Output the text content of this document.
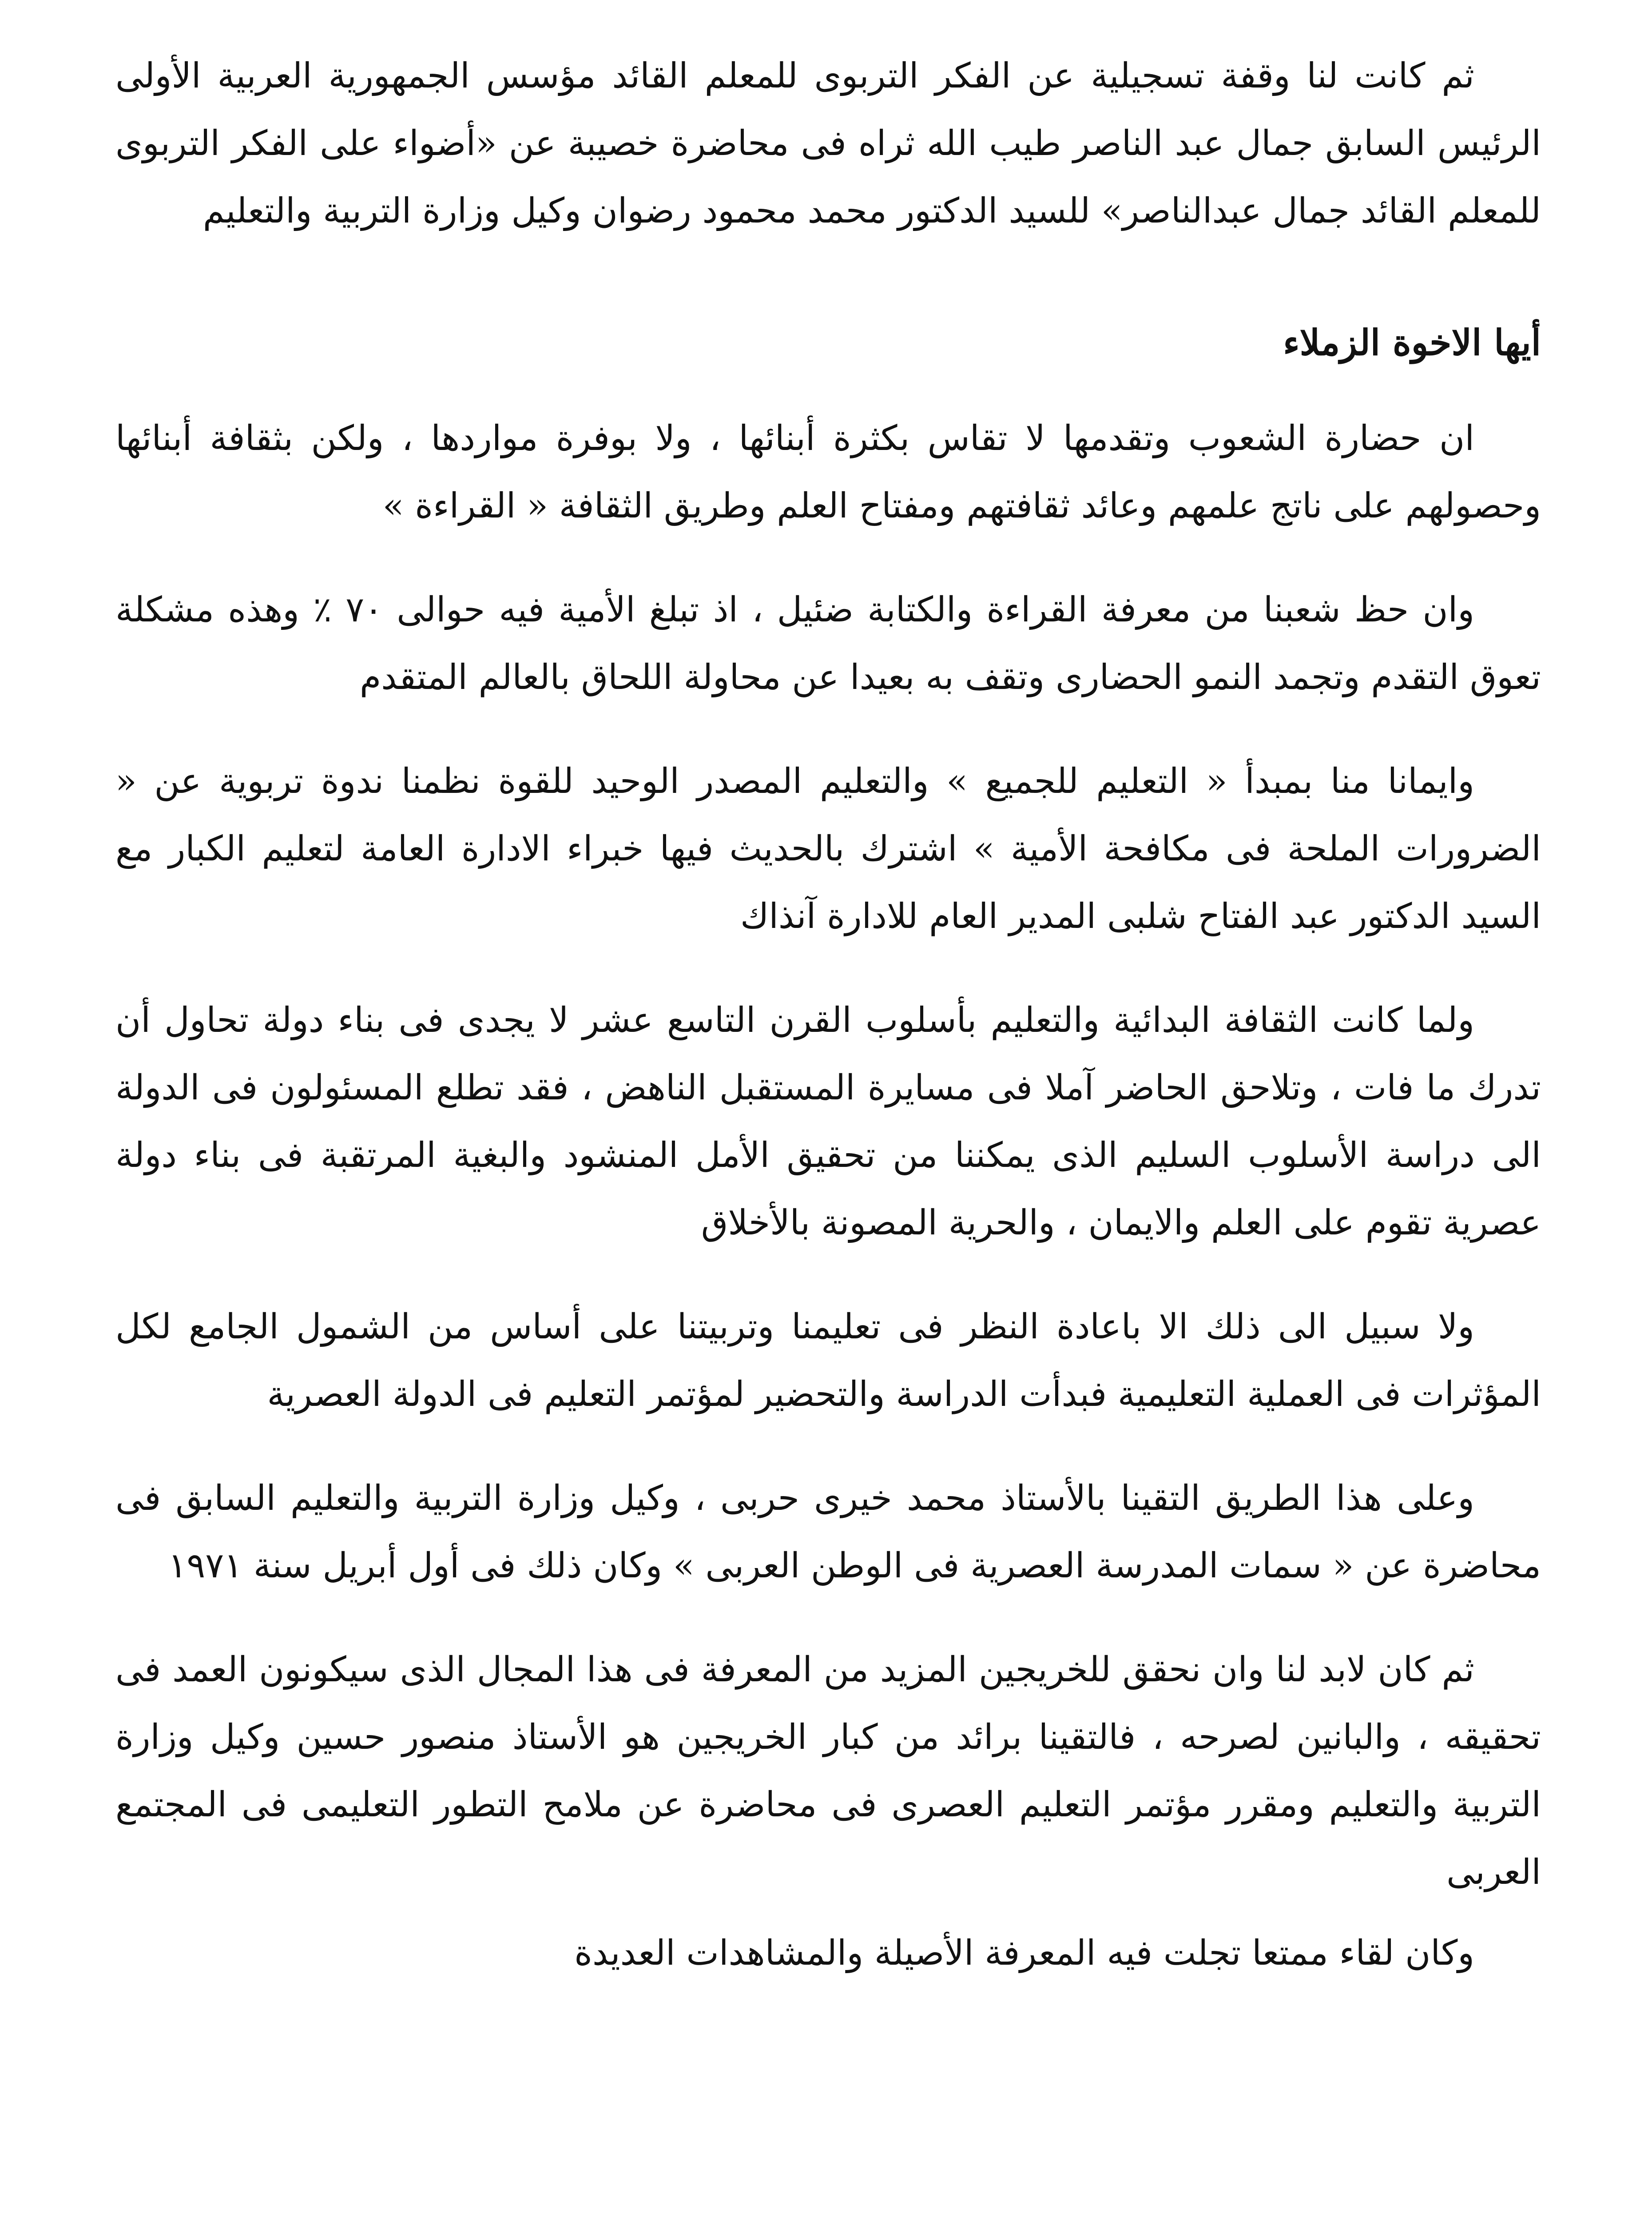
ثم كانت لنا وقفة تسجيلية عن الفكر التربوى للمعلم القائد مؤسس الجمهورية العربية الأولى الرئيس السابق جمال عبد الناصر طيب الله ثراه فى محاضرة خصيبة عن «أضواء على الفكر التربوى للمعلم القائد جمال عبدالناصر» للسيد الدكتور محمد محمود رضوان وكيل وزارة التربية والتعليم

أيها الاخوة الزملاء

ان حضارة الشعوب وتقدمها لا تقاس بكثرة أبنائها ، ولا بوفرة مواردها ، ولكن بثقافة أبنائها وحصولهم على ناتج علمهم وعائد ثقافتهم ومفتاح العلم وطريق الثقافة « القراءة »

وان حظ شعبنا من معرفة القراءة والكتابة ضئيل ، اذ تبلغ الأمية فيه حوالى ٧٠ ٪ وهذه مشكلة تعوق التقدم وتجمد النمو الحضارى وتقف به بعيدا عن محاولة اللحاق بالعالم المتقدم

وايمانا منا بمبدأ « التعليم للجميع » والتعليم المصدر الوحيد للقوة نظمنا ندوة تربوية عن « الضرورات الملحة فى مكافحة الأمية » اشترك بالحديث فيها خبراء الادارة العامة لتعليم الكبار مع السيد الدكتور عبد الفتاح شلبى المدير العام للادارة آنذاك

ولما كانت الثقافة البدائية والتعليم بأسلوب القرن التاسع عشر لا يجدى فى بناء دولة تحاول أن تدرك ما فات ، وتلاحق الحاضر آملا فى مسايرة المستقبل الناهض ، فقد تطلع المسئولون فى الدولة الى دراسة الأسلوب السليم الذى يمكننا من تحقيق الأمل المنشود والبغية المرتقبة فى بناء دولة عصرية تقوم على العلم والايمان ، والحرية المصونة بالأخلاق

ولا سبيل الى ذلك الا باعادة النظر فى تعليمنا وتربيتنا على أساس من الشمول الجامع لكل المؤثرات فى العملية التعليمية فبدأت الدراسة والتحضير لمؤتمر التعليم فى الدولة العصرية

وعلى هذا الطريق التقينا بالأستاذ محمد خيرى حربى ، وكيل وزارة التربية والتعليم السابق فى محاضرة عن « سمات المدرسة العصرية فى الوطن العربى » وكان ذلك فى أول أبريل سنة ١٩٧١

ثم كان لابد لنا وان نحقق للخريجين المزيد من المعرفة فى هذا المجال الذى سيكونون العمد فى تحقيقه ، والبانين لصرحه ، فالتقينا برائد من كبار الخريجين هو الأستاذ منصور حسين وكيل وزارة التربية والتعليم ومقرر مؤتمر التعليم العصرى فى محاضرة عن ملامح التطور التعليمى فى المجتمع العربى

وكان لقاء ممتعا تجلت فيه المعرفة الأصيلة والمشاهدات العديدة
